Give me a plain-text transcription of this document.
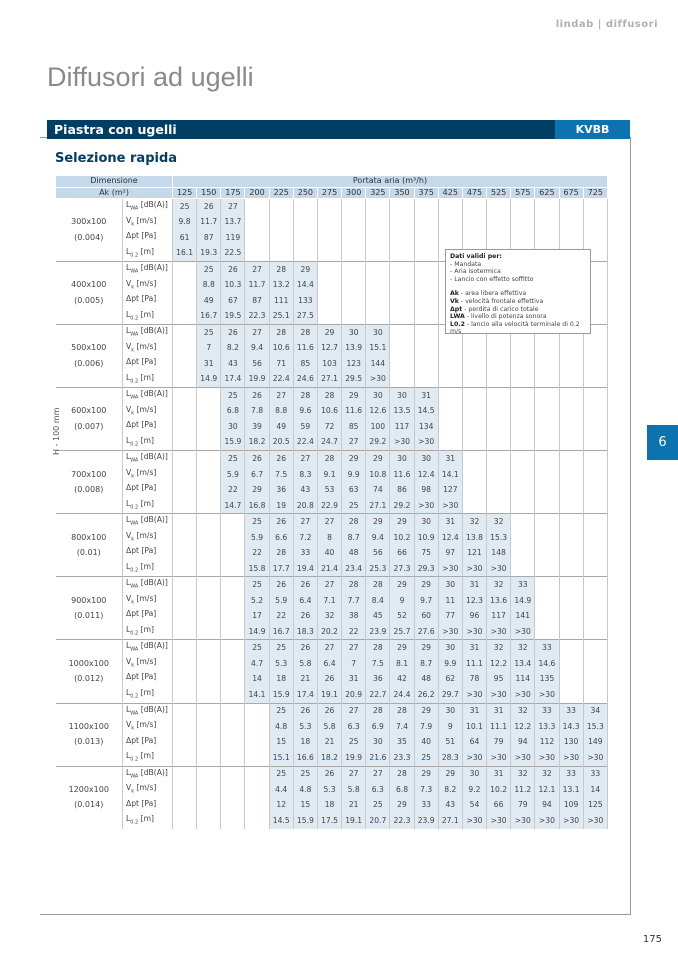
lindab | diffusori
Diffusori ad ugelli
Piastra con ugelli	KVBB
Selezione rapida
Dimensione		Portata aria (m³/h)																	
Ak (m²)		125	150	175	200	225	250	275	300	325	350	375	425	475	525	575	625	675	725
	$L_{WA}$ [dB(A)]	25	26	27															
300x100	$V_k$ [m/s]	9.8	11.7	13.7															
(0.004)	Δpt [Pa]	61	87	119															
	$L_{0.2}$ [m]	16.1	19.3	22.5															
	$L_{WA}$ [dB(A)]		25	26	27	28	29												
400x100	$V_k$ [m/s]		8.8	10.3	11.7	13.2	14.4												
(0.005)	Δpt [Pa]		49	67	87	111	133												
	$L_{0.2}$ [m]		16.7	19.5	22.3	25.1	27.5												
	$L_{WA}$ [dB(A)]		25	26	27	28	28	29	30	30									
500x100	$V_k$ [m/s]		7	8.2	9.4	10.6	11.6	12.7	13.9	15.1									
(0.006)	Δpt [Pa]		31	43	56	71	85	103	123	144									
	$L_{0.2}$ [m]		14.9	17.4	19.9	22.4	24.6	27.1	29.5	>30									
	$L_{WA}$ [dB(A)]			25	26	27	28	28	29	30	30	31							
600x100	$V_k$ [m/s]			6.8	7.8	8.8	9.6	10.6	11.6	12.6	13.5	14.5							
(0.007)	Δpt [Pa]			30	39	49	59	72	85	100	117	134							
	$L_{0.2}$ [m]			15.9	18.2	20.5	22.4	24.7	27	29.2	>30	>30							
	$L_{WA}$ [dB(A)]			25	26	26	27	28	29	29	30	30	31						
700x100	$V_k$ [m/s]			5.9	6.7	7.5	8.3	9.1	9.9	10.8	11.6	12.4	14.1						
(0.008)	Δpt [Pa]			22	29	36	43	53	63	74	86	98	127						
	$L_{0.2}$ [m]			14.7	16.8	19	20.8	22.9	25	27.1	29.2	>30	>30						
	$L_{WA}$ [dB(A)]				25	26	27	27	28	29	29	30	31	32	32				
800x100	$V_k$ [m/s]				5.9	6.6	7.2	8	8.7	9.4	10.2	10.9	12.4	13.8	15.3				
(0.01)	Δpt [Pa]				22	28	33	40	48	56	66	75	97	121	148				
	$L_{0.2}$ [m]				15.8	17.7	19.4	21.4	23.4	25.3	27.3	29.3	>30	>30	>30				
	$L_{WA}$ [dB(A)]				25	26	26	27	28	28	29	29	30	31	32	33			
900x100	$V_k$ [m/s]				5.2	5.9	6.4	7.1	7.7	8.4	9	9.7	11	12.3	13.6	14.9			
(0.011)	Δpt [Pa]				17	22	26	32	38	45	52	60	77	96	117	141			
	$L_{0.2}$ [m]				14.9	16.7	18.3	20.2	22	23.9	25.7	27.6	>30	>30	>30	>30			
	$L_{WA}$ [dB(A)]				25	25	26	27	27	28	29	29	30	31	32	32	33		
1000x100	$V_k$ [m/s]				4.7	5.3	5.8	6.4	7	7.5	8.1	8.7	9.9	11.1	12.2	13.4	14.6		
(0.012)	Δpt [Pa]				14	18	21	26	31	36	42	48	62	78	95	114	135		
	$L_{0.2}$ [m]				14.1	15.9	17.4	19.1	20.9	22.7	24.4	26.2	29.7	>30	>30	>30	>30		
	$L_{WA}$ [dB(A)]					25	26	26	27	28	28	29	30	31	31	32	33	33	34
1100x100	$V_k$ [m/s]					4.8	5.3	5.8	6.3	6.9	7.4	7.9	9	10.1	11.1	12.2	13.3	14.3	15.3
(0.013)	Δpt [Pa]					15	18	21	25	30	35	40	51	64	79	94	112	130	149
	$L_{0.2}$ [m]					15.1	16.6	18.2	19.9	21.6	23.3	25	28.3	>30	>30	>30	>30	>30	>30
	$L_{WA}$ [dB(A)]					25	25	26	27	27	28	29	29	30	31	32	32	33	33
1200x100	$V_k$ [m/s]					4.4	4.8	5.3	5.8	6.3	6.8	7.3	8.2	9.2	10.2	11.2	12.1	13.1	14
(0.014)	Δpt [Pa]					12	15	18	21	25	29	33	43	54	66	79	94	109	125
	$L_{0.2}$ [m]					14.5	15.9	17.5	19.1	20.7	22.3	23.9	27.1	>30	>30	>30	>30	>30	>30
H - 100 mm
Dati validi per:
- Mandata
- Aria isotermica
- Lancio con effetto soffitto
Ak - area libera effettiva
Vk - velocità frontale effettiva
Δpt - perdita di carico totale
LWA - livello di potenza sonora
L0.2 - lancio alla velocità terminale di 0.2 m/s
6
175
